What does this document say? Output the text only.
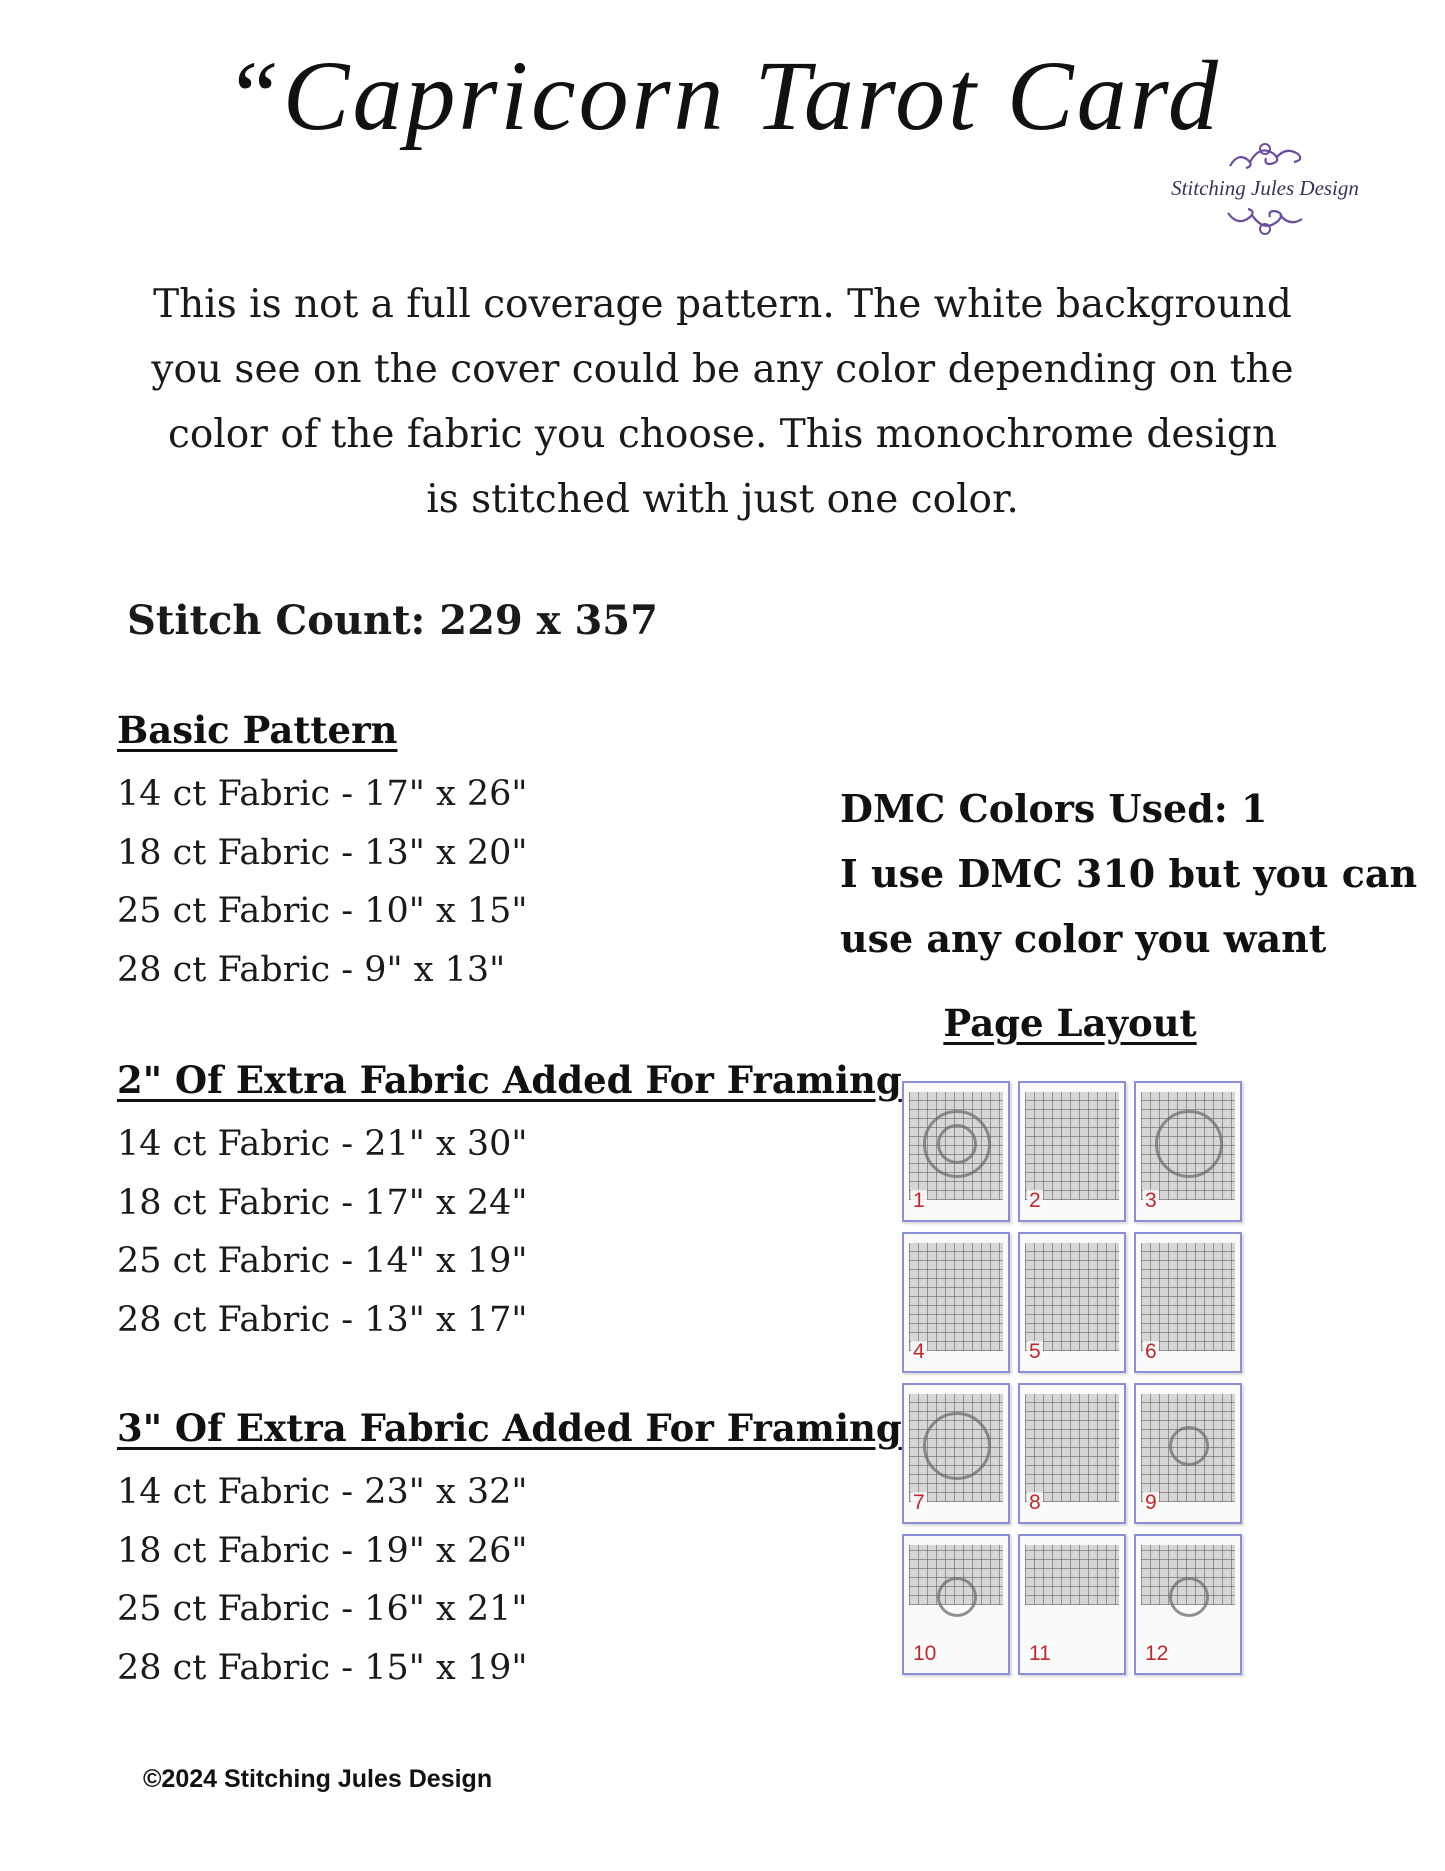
“Capricorn Tarot Card
Stitching Jules Design

This is not a full coverage pattern. The white background you see on the cover could be any color depending on the color of the fabric you choose. This monochrome design is stitched with just one color.

Stitch Count: 229 x 357

Basic Pattern
14 ct Fabric - 17" x 26"
18 ct Fabric - 13" x 20"
25 ct Fabric - 10" x 15"
28 ct Fabric - 9" x 13"
2" Of Extra Fabric Added For Framing
14 ct Fabric - 21" x 30"
18 ct Fabric - 17" x 24"
25 ct Fabric - 14" x 19"
28 ct Fabric - 13" x 17"
3" Of Extra Fabric Added For Framing
14 ct Fabric - 23" x 32"
18 ct Fabric - 19" x 26"
25 ct Fabric - 16" x 21"
28 ct Fabric - 15" x 19"
DMC Colors Used: 1
I use DMC 310 but you can
use any color you want

Page Layout

1	2	3
4	5	6
7	8	9
10	11	12

©2024 Stitching Jules Design
